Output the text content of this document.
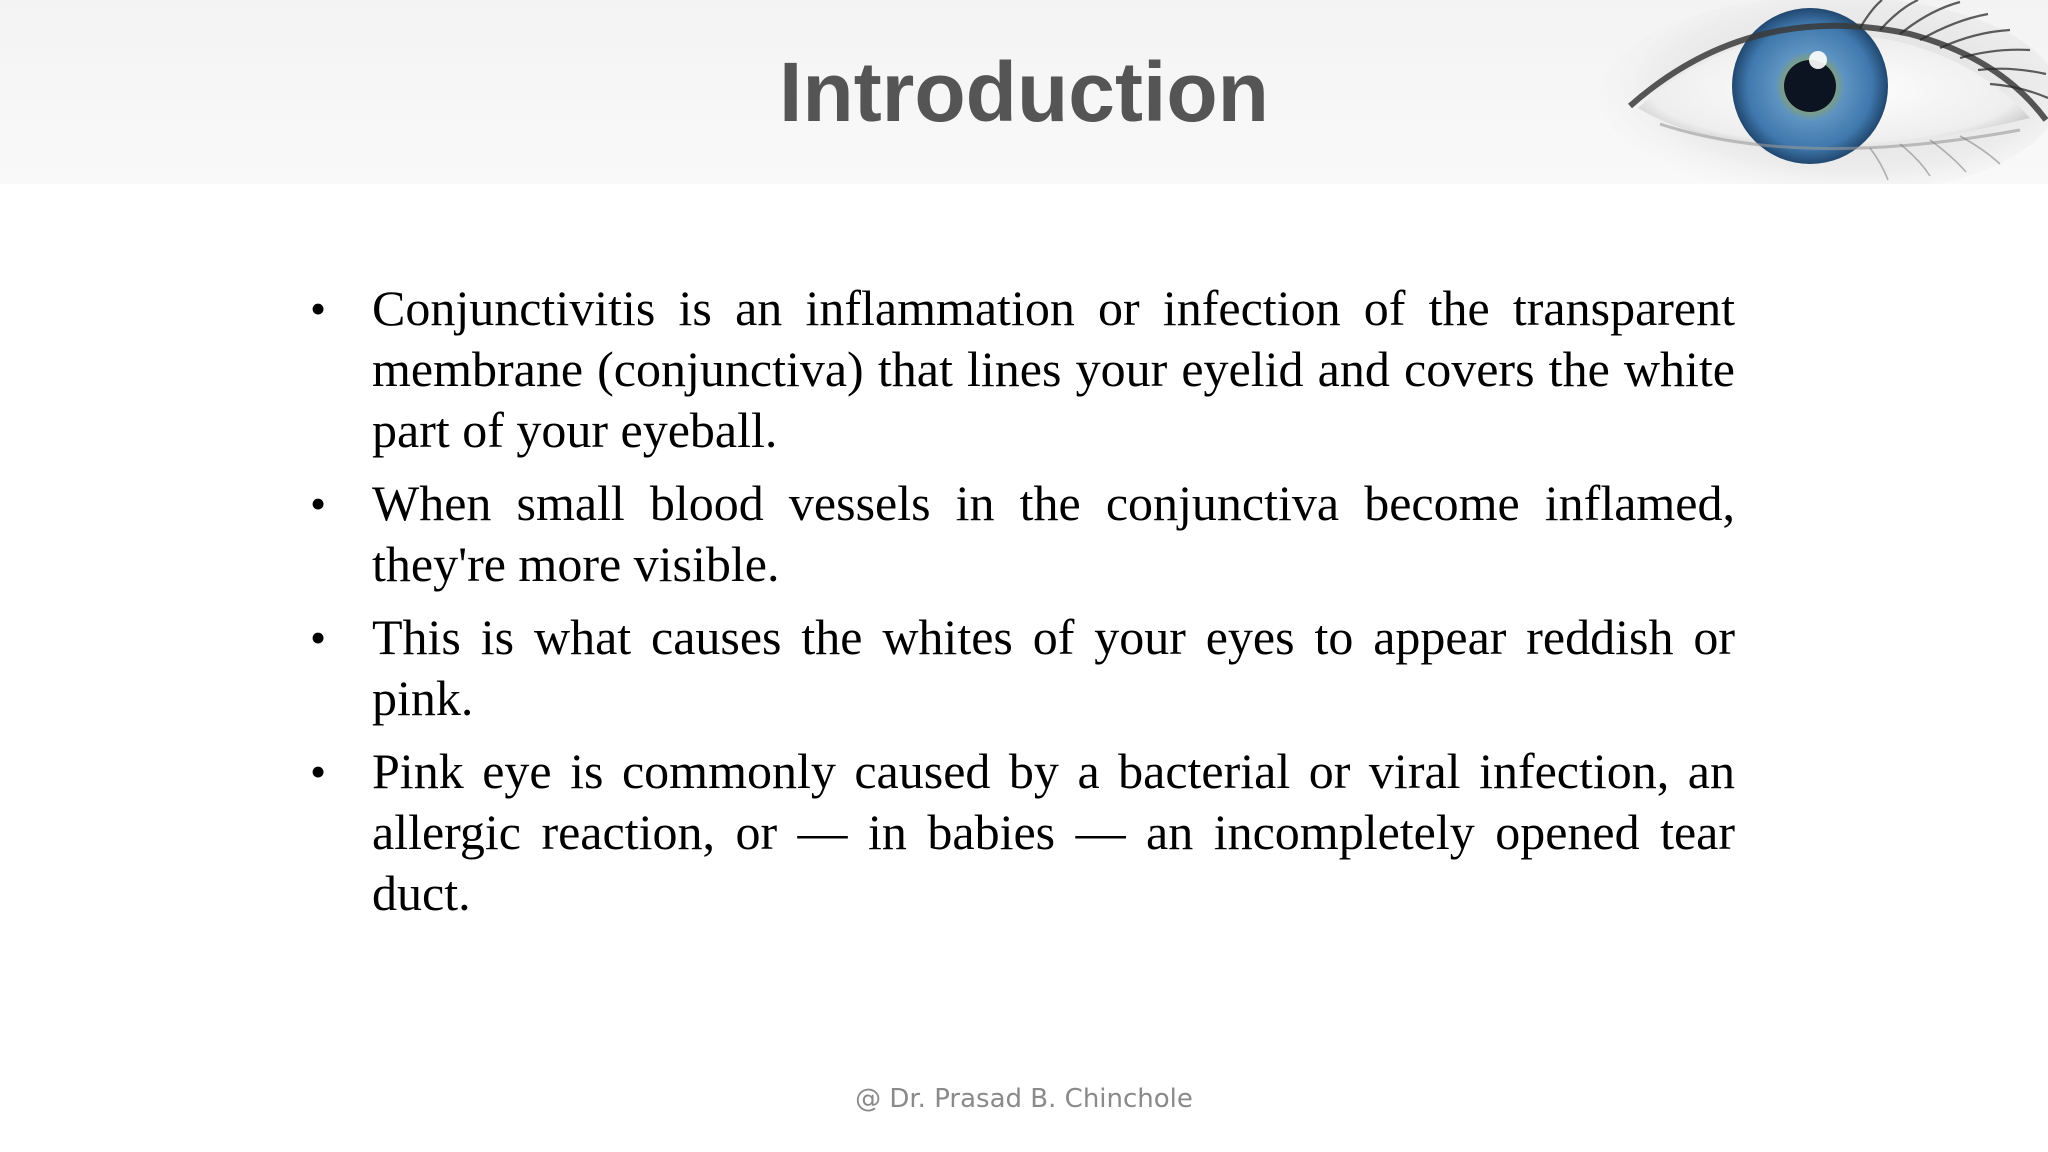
Introduction
• Conjunctivitis is an inflammation or infection of the transparent membrane (conjunctiva) that lines your eyelid and covers the white part of your eyeball.
• When small blood vessels in the conjunctiva become inflamed, they're more visible.
• This is what causes the whites of your eyes to appear reddish or pink.
• Pink eye is commonly caused by a bacterial or viral infection, an allergic reaction, or — in babies — an incompletely opened tear duct.
@ Dr. Prasad B. Chinchole
